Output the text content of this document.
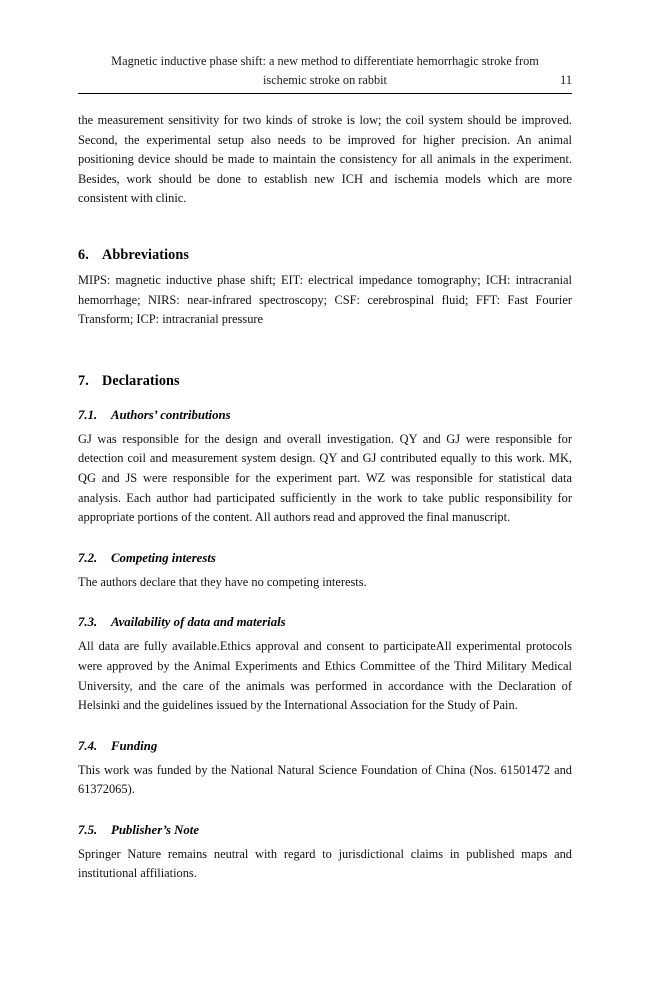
Magnetic inductive phase shift: a new method to differentiate hemorrhagic stroke from
ischemic stroke on rabbit	11

the measurement sensitivity for two kinds of stroke is low; the coil system should be improved. Second, the experimental setup also needs to be improved for higher precision. An animal positioning device should be made to maintain the consistency for all animals in the experiment. Besides, work should be done to establish new ICH and ischemia models which are more consistent with clinic.

6. Abbreviations

MIPS: magnetic inductive phase shift; EIT: electrical impedance tomography; ICH: intracranial hemorrhage; NIRS: near-infrared spectroscopy; CSF: cerebrospinal fluid; FFT: Fast Fourier Transform; ICP: intracranial pressure

7. Declarations
7.1. Authors’ contributions

GJ was responsible for the design and overall investigation. QY and GJ were responsible for detection coil and measurement system design. QY and GJ contributed equally to this work. MK, QG and JS were responsible for the experiment part. WZ was responsible for statistical data analysis. Each author had participated sufficiently in the work to take public responsibility for appropriate portions of the content. All authors read and approved the final manuscript.

7.2. Competing interests

The authors declare that they have no competing interests.

7.3. Availability of data and materials

All data are fully available.Ethics approval and consent to participateAll experimental protocols were approved by the Animal Experiments and Ethics Committee of the Third Military Medical University, and the care of the animals was performed in accordance with the Declaration of Helsinki and the guidelines issued by the International Association for the Study of Pain.

7.4. Funding

This work was funded by the National Natural Science Foundation of China (Nos. 61501472 and 61372065).

7.5. Publisher’s Note

Springer Nature remains neutral with regard to jurisdictional claims in published maps and institutional affiliations.
